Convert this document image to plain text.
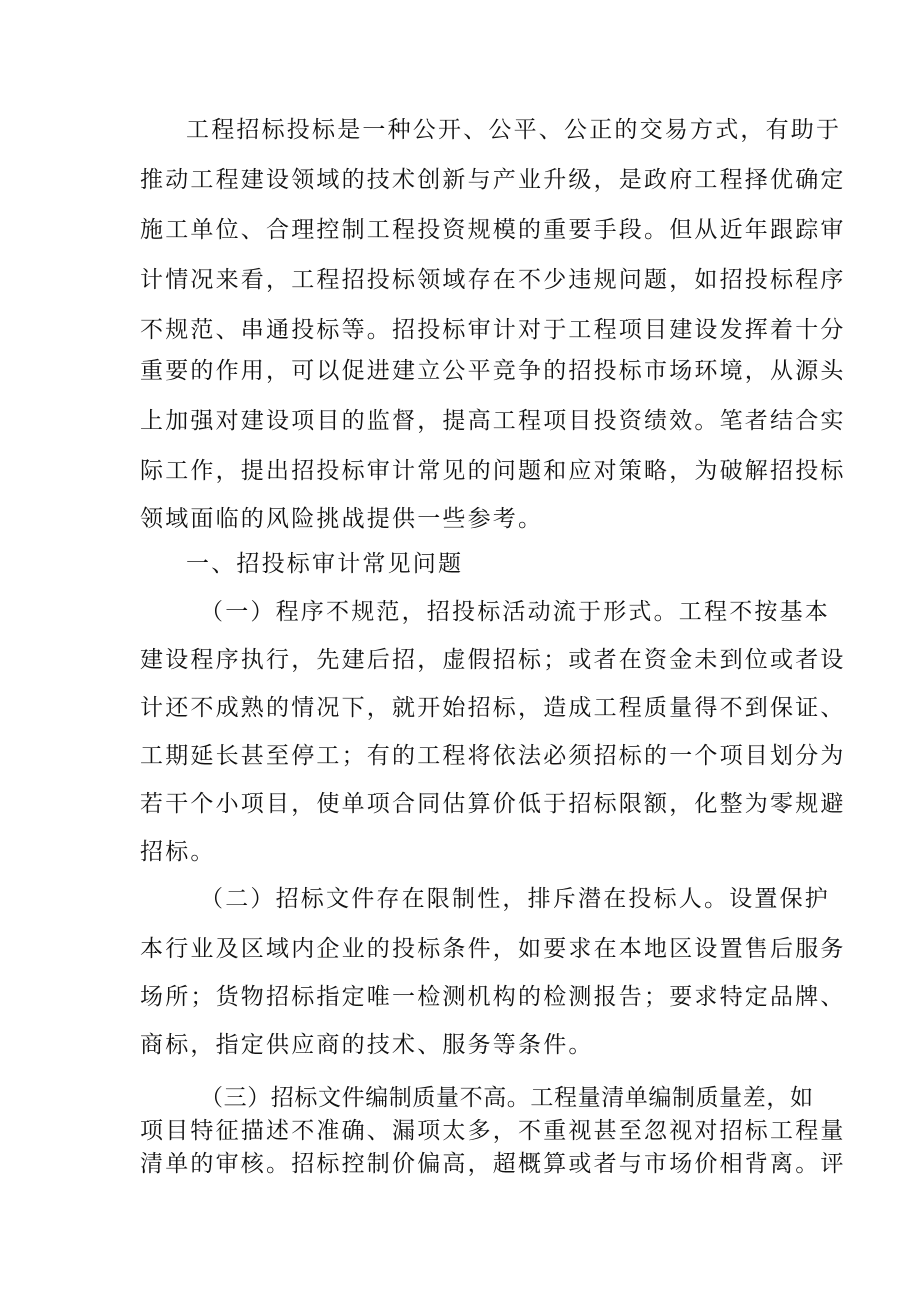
工程招标投标是一种公开、公平、公正的交易方式，有助于
推动工程建设领域的技术创新与产业升级，是政府工程择优确定
施工单位、合理控制工程投资规模的重要手段。但从近年跟踪审
计情况来看，工程招投标领域存在不少违规问题，如招投标程序
不规范、串通投标等。招投标审计对于工程项目建设发挥着十分
重要的作用，可以促进建立公平竞争的招投标市场环境，从源头
上加强对建设项目的监督，提高工程项目投资绩效。笔者结合实
际工作，提出招投标审计常见的问题和应对策略，为破解招投标
领域面临的风险挑战提供一些参考。
一、招投标审计常见问题
（一）程序不规范，招投标活动流于形式。工程不按基本
建设程序执行，先建后招，虚假招标；或者在资金未到位或者设
计还不成熟的情况下，就开始招标，造成工程质量得不到保证、
工期延长甚至停工；有的工程将依法必须招标的一个项目划分为
若干个小项目，使单项合同估算价低于招标限额，化整为零规避
招标。
（二）招标文件存在限制性，排斥潜在投标人。设置保护
本行业及区域内企业的投标条件，如要求在本地区设置售后服务
场所；货物招标指定唯一检测机构的检测报告；要求特定品牌、
商标，指定供应商的技术、服务等条件。
（三）招标文件编制质量不高。工程量清单编制质量差，如
项目特征描述不准确、漏项太多，不重视甚至忽视对招标工程量
清单的审核。招标控制价偏高，超概算或者与市场价相背离。评
